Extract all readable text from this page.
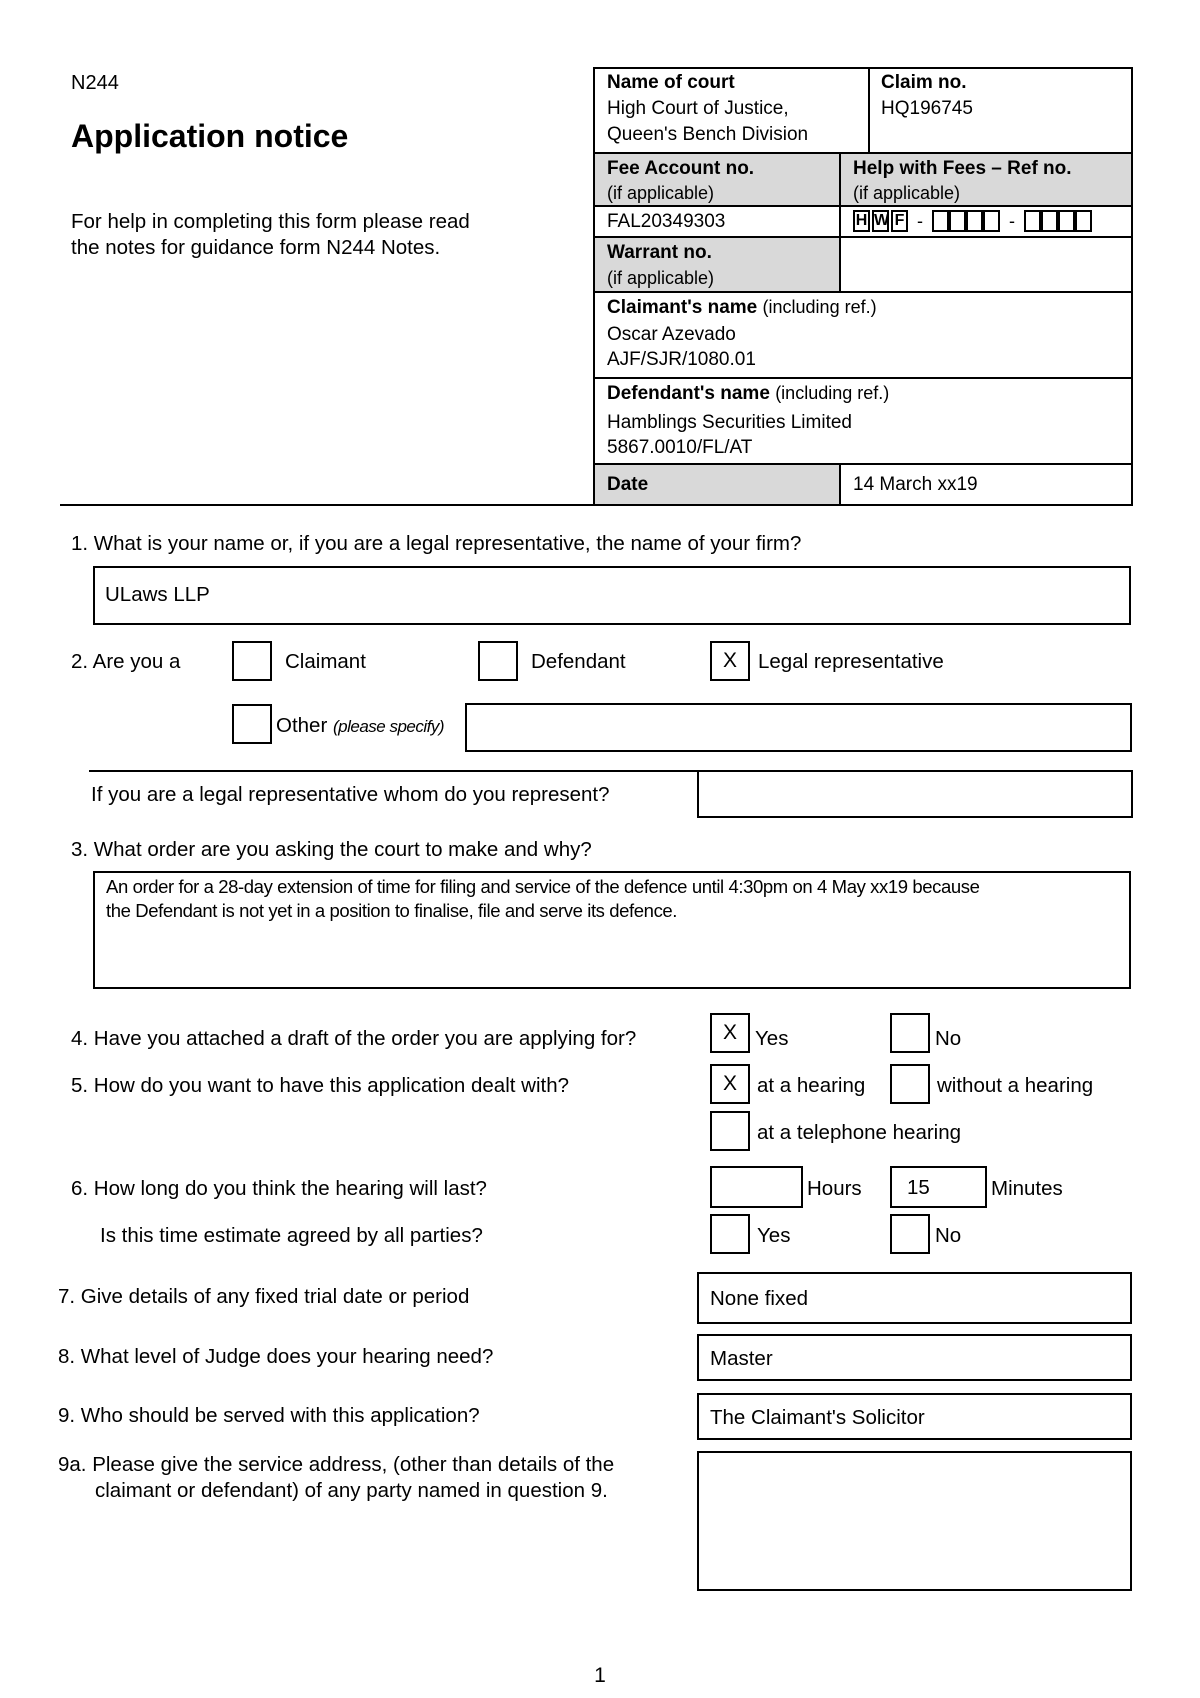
N244
Application notice
For help in completing this form please read
the notes for guidance form N244 Notes.
Name of court
High Court of Justice,
Queen's Bench Division
Claim no.
HQ196745
Fee Account no.
(if applicable)
FAL20349303
Help with Fees – Ref no.
(if applicable)
H W F -	-
Warrant no.
(if applicable)
Claimant's name (including ref.)
Oscar Azevado
AJF/SJR/1080.01
Defendant's name (including ref.)
Hamblings Securities Limited
5867.0010/FL/AT
Date	14 March xx19
1. What is your name or, if you are a legal representative, the name of your firm?
ULaws LLP
2. Are you a	Claimant	Defendant	X	Legal representative
Other (please specify)
If you are a legal representative whom do you represent?
3. What order are you asking the court to make and why?
An order for a 28-day extension of time for filing and service of the defence until 4:30pm on 4 May xx19 because
the Defendant is not yet in a position to finalise, file and serve its defence.
4. Have you attached a draft of the order you are applying for?	X Yes	No
5. How do you want to have this application dealt with?	X at a hearing	without a hearing
at a telephone hearing
6. How long do you think the hearing will last?	Hours 15	Minutes
Is this time estimate agreed by all parties?	Yes	No
7. Give details of any fixed trial date or period	None fixed
8. What level of Judge does your hearing need?	Master
9. Who should be served with this application?	The Claimant's Solicitor
9a. Please give the service address, (other than details of the
claimant or defendant) of any party named in question 9.
1
